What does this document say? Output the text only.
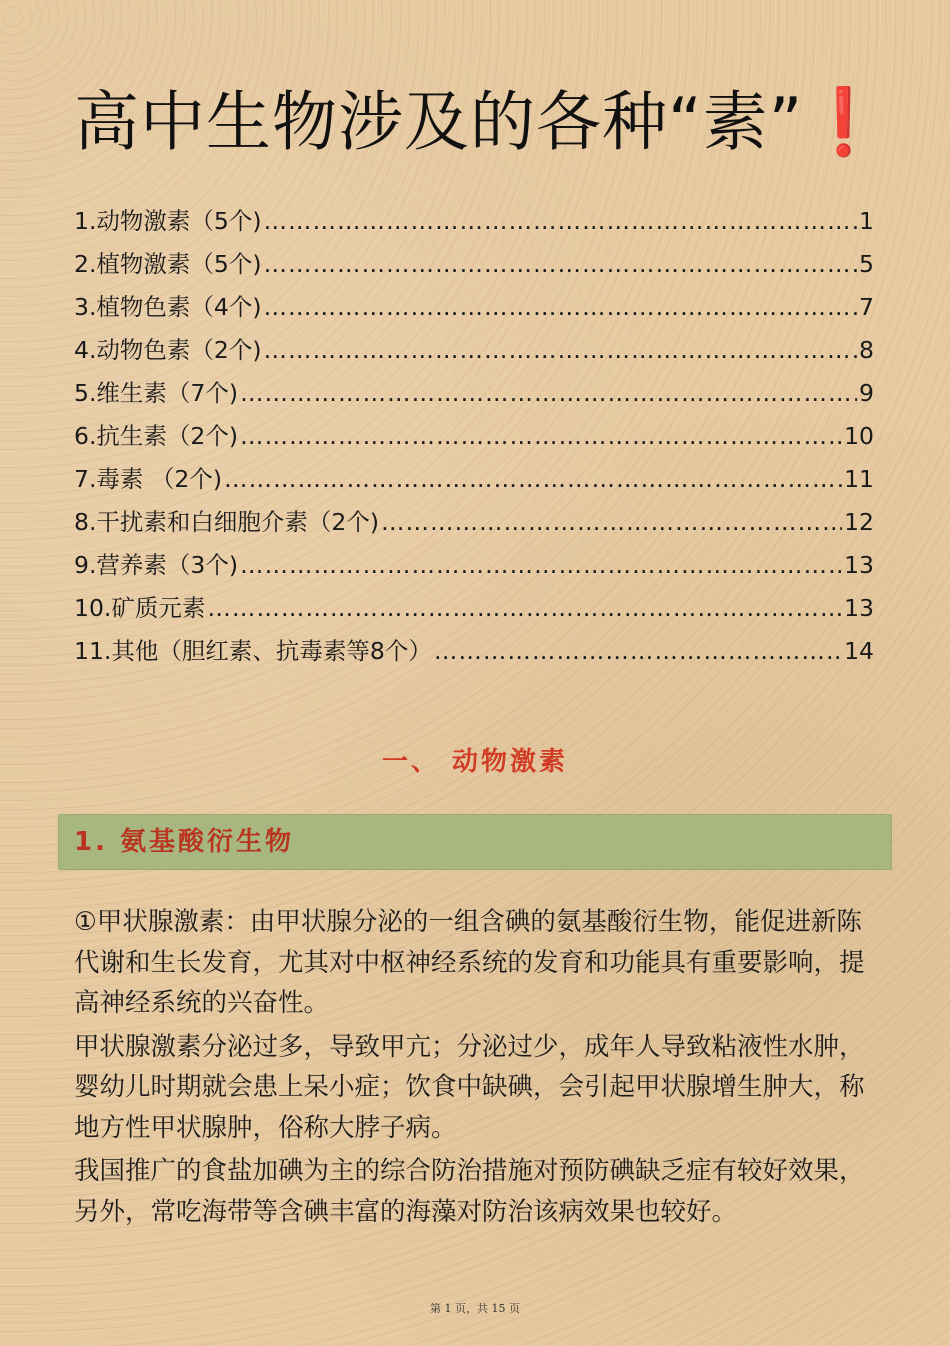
高中生物涉及的各种“素”❗
1.动物激素（5个) ……………………………………………………………………………………………………………………………………………………………………………………	1
2.植物激素（5个) ……………………………………………………………………………………………………………………………………………………………………………………	5
3.植物色素（4个) ……………………………………………………………………………………………………………………………………………………………………………………	7
4.动物色素（2个) ……………………………………………………………………………………………………………………………………………………………………………………	8
5.维生素（7个) ……………………………………………………………………………………………………………………………………………………………………………………	9
6.抗生素（2个) ……………………………………………………………………………………………………………………………………………………………………………………	10
7.毒素 （2个) ……………………………………………………………………………………………………………………………………………………………………………………	11
8.干扰素和白细胞介素（2个) ……………………………………………………………………………………………………………………………………………………………………………………	12
9.营养素（3个) ……………………………………………………………………………………………………………………………………………………………………………………	13
10.矿质元素 ……………………………………………………………………………………………………………………………………………………………………………………	13
11.其他（胆红素、抗毒素等8个） ……………………………………………………………………………………………………………………………………………………………………………………	14
一、 动物激素
1. 氨基酸衍生物

①甲状腺激素：由甲状腺分泌的一组含碘的氨基酸衍生物，能促进新陈代谢和生长发育，尤其对中枢神经系统的发育和功能具有重要影响，提高神经系统的兴奋性。

甲状腺激素分泌过多，导致甲亢；分泌过少，成年人导致粘液性水肿，婴幼儿时期就会患上呆小症；饮食中缺碘，会引起甲状腺增生肿大，称地方性甲状腺肿，俗称大脖子病。

我国推广的食盐加碘为主的综合防治措施对预防碘缺乏症有较好效果，另外，常吃海带等含碘丰富的海藻对防治该病效果也较好。

第 1 页，共 15 页
